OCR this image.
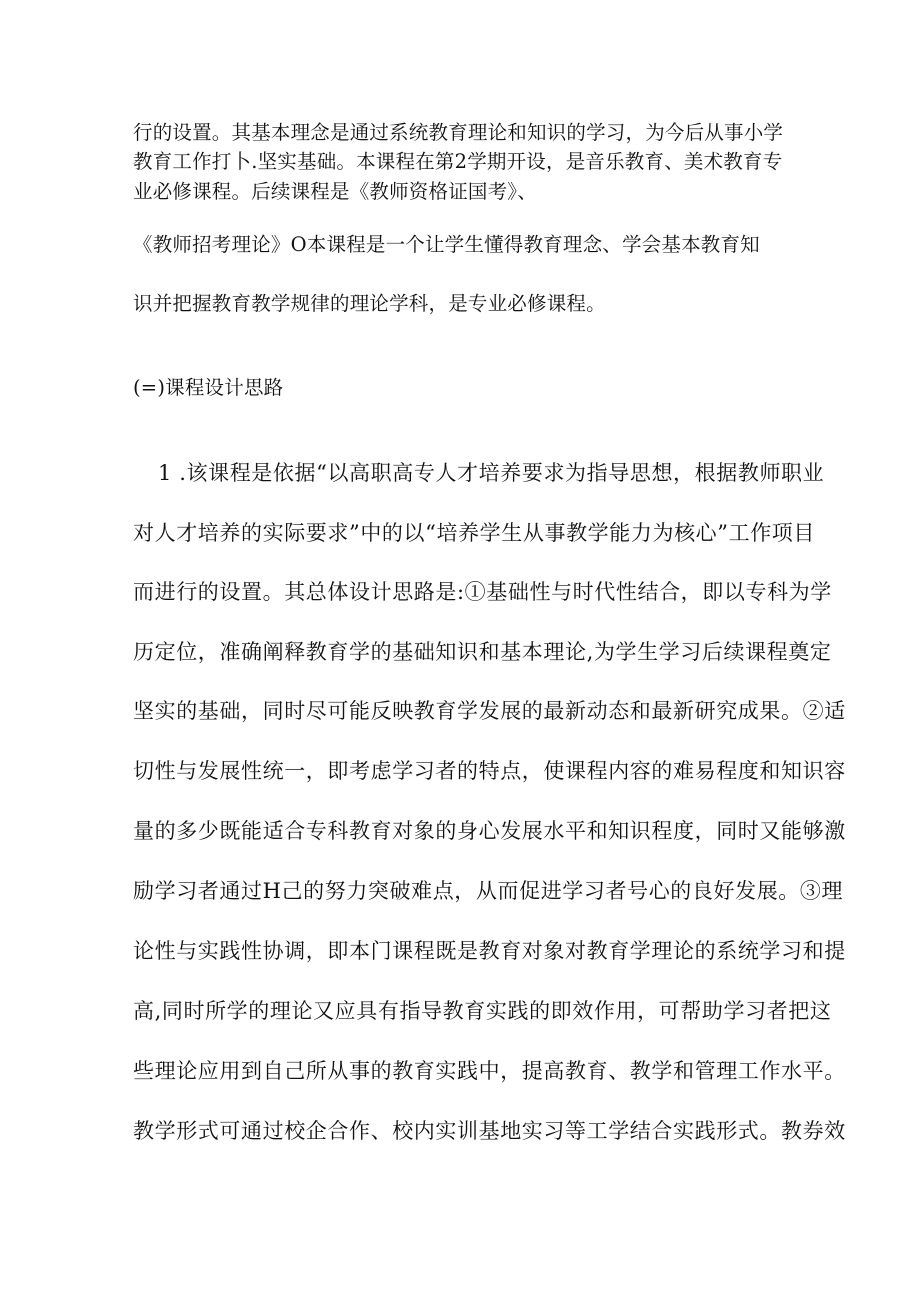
行的设置。其基本理念是通过系统教育理论和知识的学习，为今后从事小学

教育工作打卜.坚实基础。本课程在第2学期开设，是音乐教育、美术教育专

业必修课程。后续课程是《教师资格证国考》、

《教师招考理论》O本课程是一个让学生懂得教育理念、学会基本教育知

识并把握教育教学规律的理论学科，是专业必修课程。

(=)课程设计思路

1 .该课程是依据“以高职高专人才培养要求为指导思想，根据教师职业

对人才培养的实际要求”中的以“培养学生从事教学能力为核心”工作项目

而进行的设置。其总体设计思路是:①基础性与时代性结合，即以专科为学

历定位，准确阐释教育学的基础知识和基本理论,为学生学习后续课程奠定

坚实的基础，同时尽可能反映教育学发展的最新动态和最新研究成果。②适

切性与发展性统一，即考虑学习者的特点，使课程内容的难易程度和知识容

量的多少既能适合专科教育对象的身心发展水平和知识程度，同时又能够激

励学习者通过H己的努力突破难点，从而促进学习者号心的良好发展。③理

论性与实践性协调，即本门课程既是教育对象对教育学理论的系统学习和提

高,同时所学的理论又应具有指导教育实践的即效作用，可帮助学习者把这

些理论应用到自己所从事的教育实践中，提高教育、教学和管理工作水平。

教学形式可通过校企合作、校内实训基地实习等工学结合实践形式。教券效
